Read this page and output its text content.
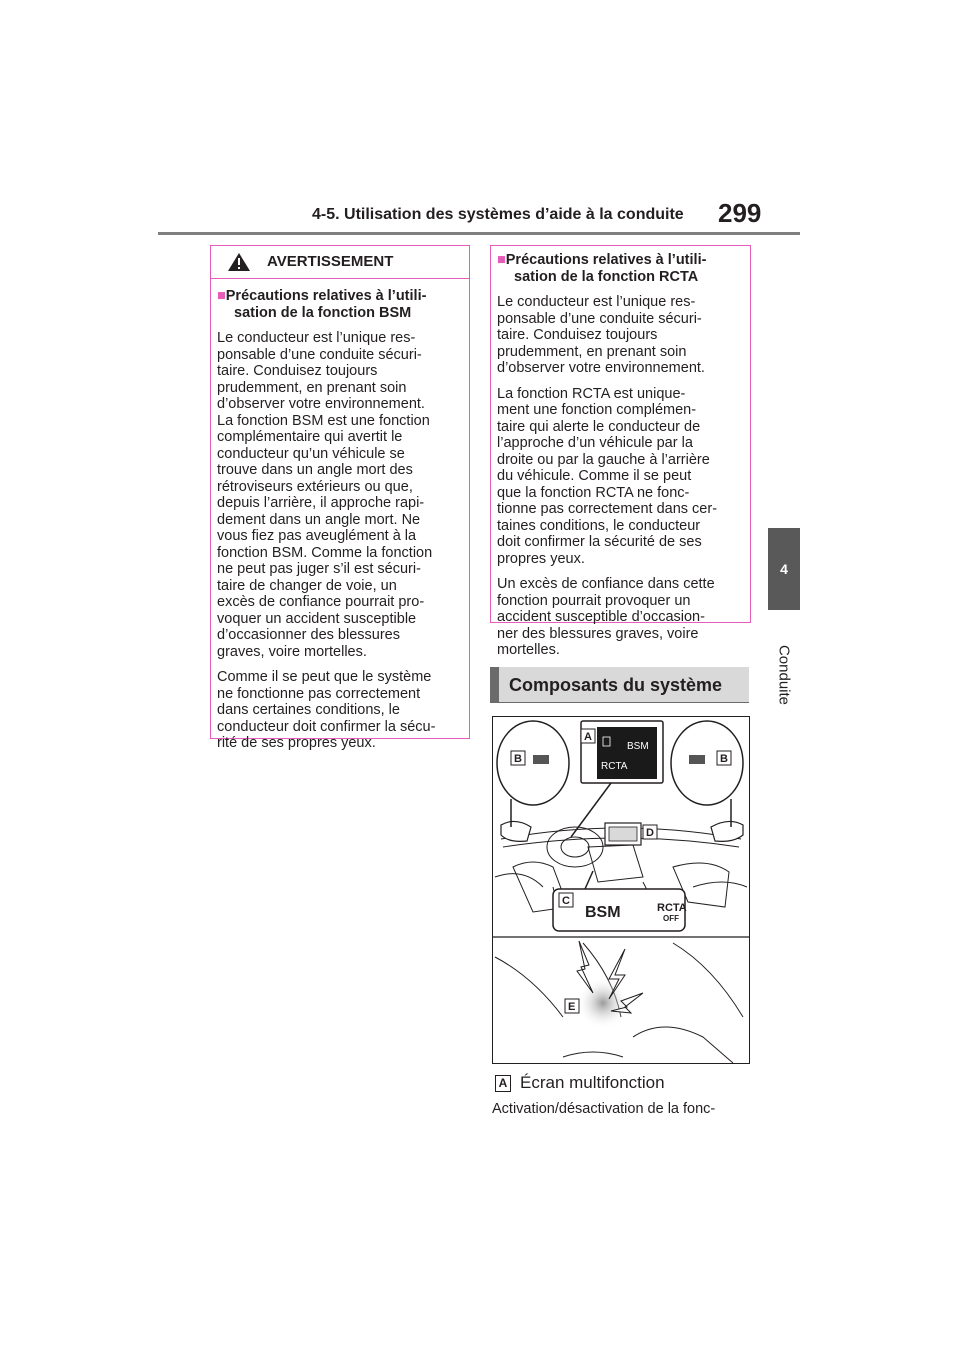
4-5. Utilisation des systèmes d’aide à la conduite 299
4
Conduite
AVERTISSEMENT
■Précautions relatives à l’utili-
sation de la fonction BSM

Le conducteur est l’unique res-
ponsable d’une conduite sécuri-
taire. Conduisez toujours
prudemment, en prenant soin
d’observer votre environnement.
La fonction BSM est une fonction
complémentaire qui avertit le
conducteur qu’un véhicule se
trouve dans un angle mort des
rétroviseurs extérieurs ou que,
depuis l’arrière, il approche rapi-
dement dans un angle mort. Ne
vous fiez pas aveuglément à la
fonction BSM. Comme la fonction
ne peut pas juger s’il est sécuri-
taire de changer de voie, un
excès de confiance pourrait pro-
voquer un accident susceptible
d’occasionner des blessures
graves, voire mortelles.

Comme il se peut que le système
ne fonctionne pas correctement
dans certaines conditions, le
conducteur doit confirmer la sécu-
rité de ses propres yeux.

■Précautions relatives à l’utili-
sation de la fonction RCTA

Le conducteur est l’unique res-
ponsable d’une conduite sécuri-
taire. Conduisez toujours
prudemment, en prenant soin
d’observer votre environnement.

La fonction RCTA est unique-
ment une fonction complémen-
taire qui alerte le conducteur de
l’approche d’un véhicule par la
droite ou par la gauche à l’arrière
du véhicule. Comme il se peut
que la fonction RCTA ne fonc-
tionne pas correctement dans cer-
taines conditions, le conducteur
doit confirmer la sécurité de ses
propres yeux.

Un excès de confiance dans cette
fonction pourrait provoquer un
accident susceptible d’occasion-
ner des blessures graves, voire
mortelles.

Composants du système
BSM
RCTA
BSM	RCTA
OFF
B	B
A
D
C
E
A Écran multifonction
Activation/désactivation de la fonc-
